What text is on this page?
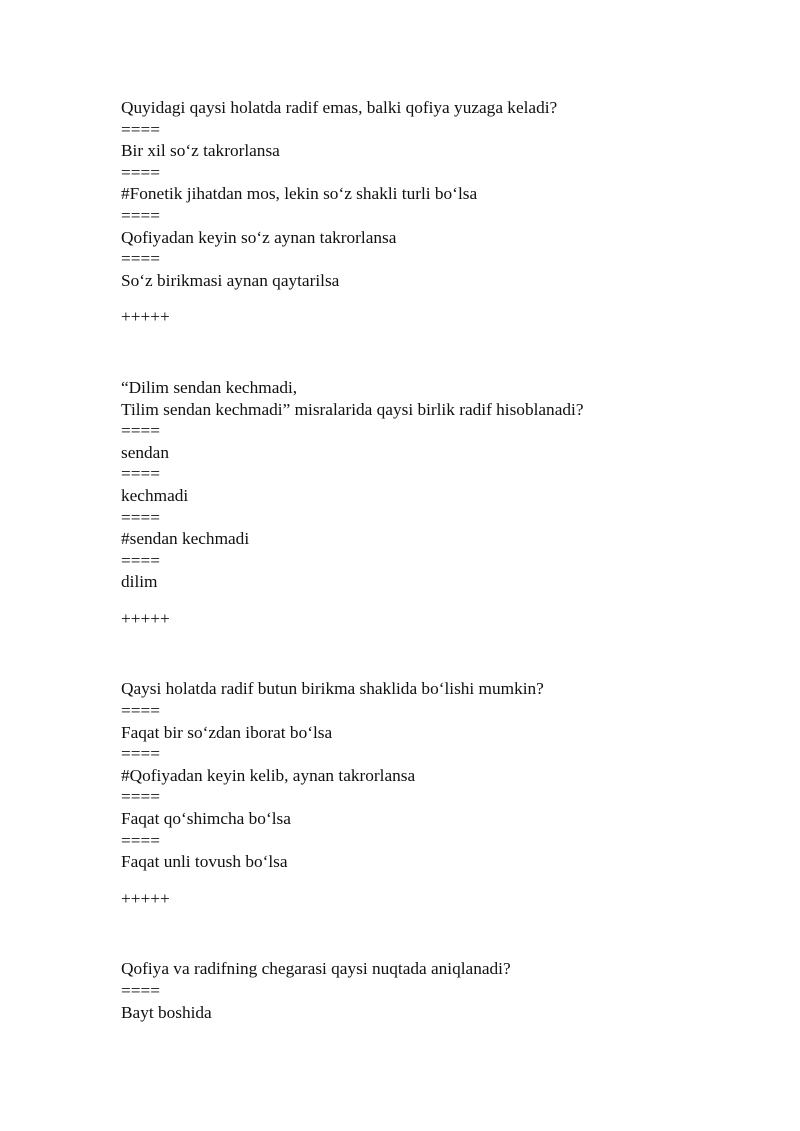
Quyidagi qaysi holatda radif emas, balki qofiya yuzaga keladi?
====
Bir xil so‘z takrorlansa
====
#Fonetik jihatdan mos, lekin so‘z shakli turli bo‘lsa
====
Qofiyadan keyin so‘z aynan takrorlansa
====
So‘z birikmasi aynan qaytarilsa
+++++
“Dilim sendan kechmadi,
Tilim sendan kechmadi” misralarida qaysi birlik radif hisoblanadi?
====
sendan
====
kechmadi
====
#sendan kechmadi
====
dilim
+++++
Qaysi holatda radif butun birikma shaklida bo‘lishi mumkin?
====
Faqat bir so‘zdan iborat bo‘lsa
====
#Qofiyadan keyin kelib, aynan takrorlansa
====
Faqat qo‘shimcha bo‘lsa
====
Faqat unli tovush bo‘lsa
+++++
Qofiya va radifning chegarasi qaysi nuqtada aniqlanadi?
====
Bayt boshida
